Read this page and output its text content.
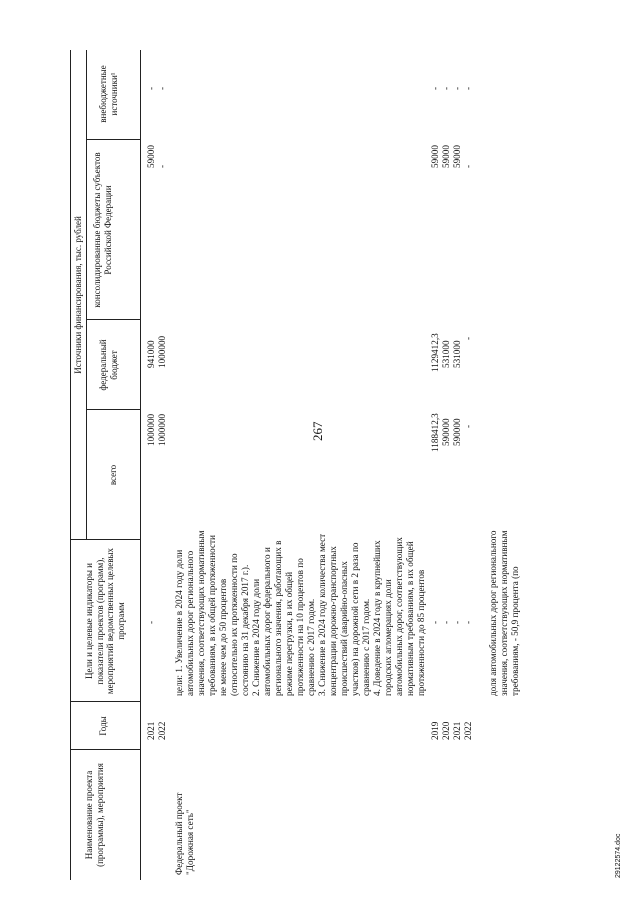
267
29122574.doc
Наименование проекта (программы), мероприятия
Годы
Цели и целевые индикаторы и показатели проектов (программ), мероприятий ведомственных целевых программ
Источники финансирования, тыс. рублей
всего
федеральный бюджет
консолидированные бюджеты субъектов Российской Федерации
внебюджетные источники¹
2021
-
1000000
941000
59000
-
2022
1000000
1000000
-
-
Федеральный проект "Дорожная сеть"
цели: 1. Увеличение в 2024 году доли автомобильных дорог регионального значения, соответствующих нормативным требованиям, в их общей протяженности не менее чем до 50 процентов (относительно их протяженности по состоянию на 31 декабря 2017 г.). 2. Снижение в 2024 году доли автомобильных дорог федерального и регионального значения, работающих в режиме перегрузки, в их общей протяженности на 10 процентов по сравнению с 2017 годом. 3. Снижение в 2024 году количества мест концентрации дорожно-транспортных происшествий (аварийно-опасных участков) на дорожной сети в 2 раза по сравнению с 2017 годом. 4. Доведение в 2024 году в крупнейших городских агломерациях доли автомобильных дорог, соответствующих нормативным требованиям, в их общей протяженности до 85 процентов
2019
-
1188412,3
1129412,3
59000
-
2020
-
590000
531000
59000
-
2021
-
590000
531000
59000
-
2022
-
-
-
-
-
доля автомобильных дорог регионального значения, соответствующих нормативным требованиям, - 50,9 процента (по
